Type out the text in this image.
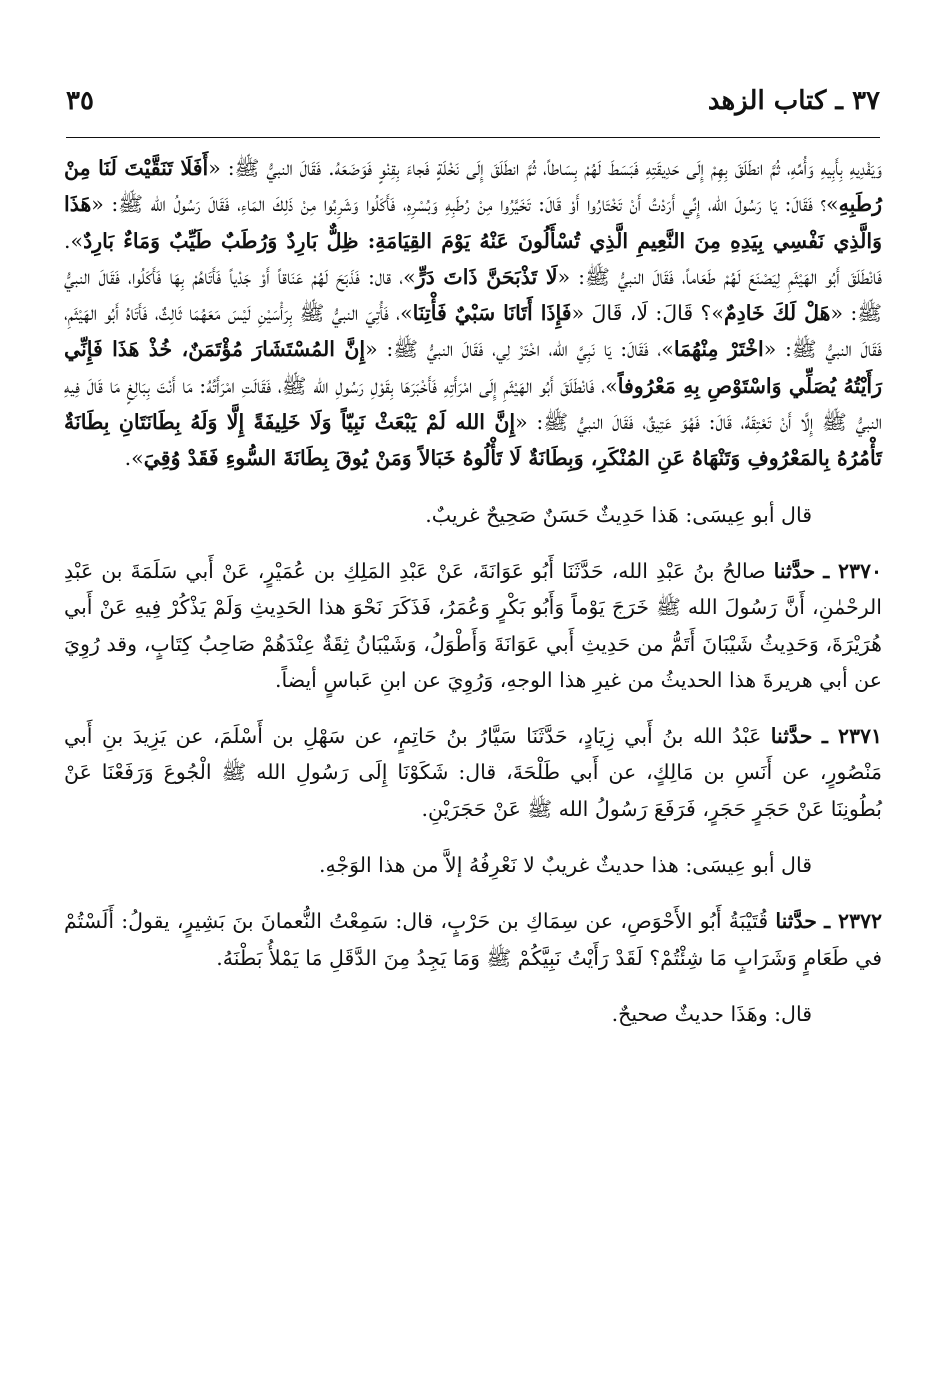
٣٧ ـ كتاب الزهد
٣٥

وَيَفْدِيهِ بِأَبِيهِ وَأُمِّهِ، ثُمَّ انطَلَقَ بِهِمْ إِلَى حَدِيقَتِهِ فَبَسَطَ لَهُمْ بِسَاطاً، ثُمَّ انطَلَقَ إِلَى نَخْلَةٍ فَجاءَ بِقِنْوٍ فَوَضَعَهُ. فَقَالَ النبيُّ ﷺ: «أَفَلَا تَنَقَّيْتَ لَنَا مِنْ رُطَبِهِ»؟ فَقَالَ: يَا رَسُولَ الله، إِنِّي أَرَدْتُ أَنْ تَخْتَارُوا أَوْ قَالَ: تَخَيَّرُوا مِنْ رُطَبِهِ وَبُسْرِهِ، فَأَكَلُوا وَشَرِبُوا مِنْ ذَلِكَ المَاءِ، فَقَالَ رَسُولُ الله ﷺ: «هَذَا وَالَّذِي نَفْسِي بِيَدِهِ مِنَ النَّعِيمِ الَّذِي تُسْأَلُونَ عَنْهُ يَوْمَ القِيَامَةِ: ظِلٌّ بَارِدٌ وَرُطَبٌ طَيِّبٌ وَمَاءٌ بَارِدٌ». فَانْطَلَقَ أَبُو الهَيْثَمِ لِيَصْنَعَ لَهُمْ طَعَاماً، فَقَالَ النبيُّ ﷺ: «لَا تَذْبَحَنَّ ذَاتَ دَرٍّ»، قال: فَذَبَحَ لَهُمْ عَنَاقاً أَوْ جَدْياً فَأَتَاهُمْ بِهَا فَأَكَلُوا، فَقَالَ النبيُّ ﷺ: «هَلْ لَكَ خَادِمٌ»؟ قَالَ: لَا، قَالَ «فَإِذَا أَتَانَا سَبْيٌ فَأْتِنَا»، فَأُتِيَ النبيُّ ﷺ بِرَأْسَيْنِ لَيْسَ مَعَهُمَا ثَالِثٌ، فَأَتَاهُ أَبُو الهَيْثَمِ، فَقَالَ النبيُّ ﷺ: «اخْتَرْ مِنْهُمَا»، فَقَالَ: يَا نَبِيَّ الله، اخْتَرْ لِي، فَقَالَ النبيُّ ﷺ: «إِنَّ المُسْتَشَارَ مُؤْتَمَنٌ، خُذْ هَذَا فَإِنِّي رَأَيْتُهُ يُصَلِّي وَاسْتَوْصِ بِهِ مَعْرُوفاً»، فَانْطَلَقَ أَبُو الهَيْثَمِ إِلَى امْرَأَتِهِ فَأَخْبَرَهَا بِقَوْلِ رَسُولِ الله ﷺ، فَقَالَتِ امْرَأَتُهُ: مَا أَنْتَ بِبَالِغٍ مَا قَالَ فِيهِ النبيُّ ﷺ إِلَّا أَنْ تَعْتِقَهُ، قَالَ: فَهُوَ عَتِيقٌ، فَقَالَ النبيُّ ﷺ: «إِنَّ الله لَمْ يَبْعَثْ نَبِيّاً وَلَا خَلِيفَةً إِلَّا وَلَهُ بِطَانَتَانِ بِطَانَةٌ تَأْمُرُهُ بِالمَعْرُوفِ وَتَنْهَاهُ عَنِ المُنْكَرِ، وَبِطَانَةٌ لَا تَأْلُوهُ خَبَالاً وَمَنْ يُوقَ بِطَانَةَ السُّوءِ فَقَدْ وُقِيَ».

قال أبو عِيسَى: هَذا حَدِيثٌ حَسَنٌ صَحِيحٌ غريبٌ.

٢٣٧٠ ـ حدَّثنا صالحُ بنُ عَبْدِ الله، حَدَّثَنَا أَبُو عَوَانَةَ، عَنْ عَبْدِ المَلِكِ بن عُمَيْرٍ، عَنْ أَبي سَلَمَةَ بن عَبْدِ الرحْمٰنِ، أَنَّ رَسُولَ الله ﷺ خَرَجَ يَوْماً وَأَبُو بَكْرٍ وَعُمَرُ، فَذَكَرَ نَحْوَ هذا الحَدِيثِ وَلَمْ يَذْكُرْ فِيهِ عَنْ أَبي هُرَيْرَةَ، وَحَدِيثُ شَيْبَانَ أَتَمُّ من حَدِيثِ أَبي عَوَانَةَ وَأَطْوَلُ، وَشَيْبَانُ ثِقَةٌ عِنْدَهُمْ صَاحِبُ كِتَابٍ، وقد رُوِيَ عن أبي هريرةَ هذا الحديثُ من غيرِ هذا الوجهِ، وَرُوِيَ عن ابنِ عَباسٍ أيضاً.

٢٣٧١ ـ حدَّثنا عَبْدُ الله بنُ أَبي زِيَادٍ، حَدَّثَنَا سَيَّارُ بنُ حَاتِمٍ، عن سَهْلِ بن أَسْلَمَ، عن يَزِيدَ بنِ أَبي مَنْصُورٍ، عن أَنَسِ بن مَالِكٍ، عن أَبي طَلْحَةَ، قال: شَكَوْنَا إِلَى رَسُولِ الله ﷺ الْجُوعَ وَرَفَعْنَا عَنْ بُطُونِنَا عَنْ حَجَرٍ حَجَرٍ، فَرَفَعَ رَسُولُ الله ﷺ عَنْ حَجَرَيْنِ.

قال أبو عِيسَى: هذا حديثٌ غريبٌ لا نَعْرِفُهُ إلاَّ من هذا الوَجْهِ.

٢٣٧٢ ـ حدَّثنا قُتَيْبَةُ أَبُو الأَحْوَصِ، عن سِمَاكِ بن حَرْبٍ، قال: سَمِعْتُ النُّعمانَ بنَ بَشِيرٍ، يقولُ: أَلَسْتُمْ في طَعَامٍ وَشَرَابٍ مَا شِئْتُمْ؟ لَقَدْ رَأَيْتُ نَبِيَّكُمْ ﷺ وَمَا يَجِدُ مِنَ الدَّقَلِ مَا يَمْلأُ بَطْنَهُ.

قال: وهَذَا حديثٌ صحيحٌ.
